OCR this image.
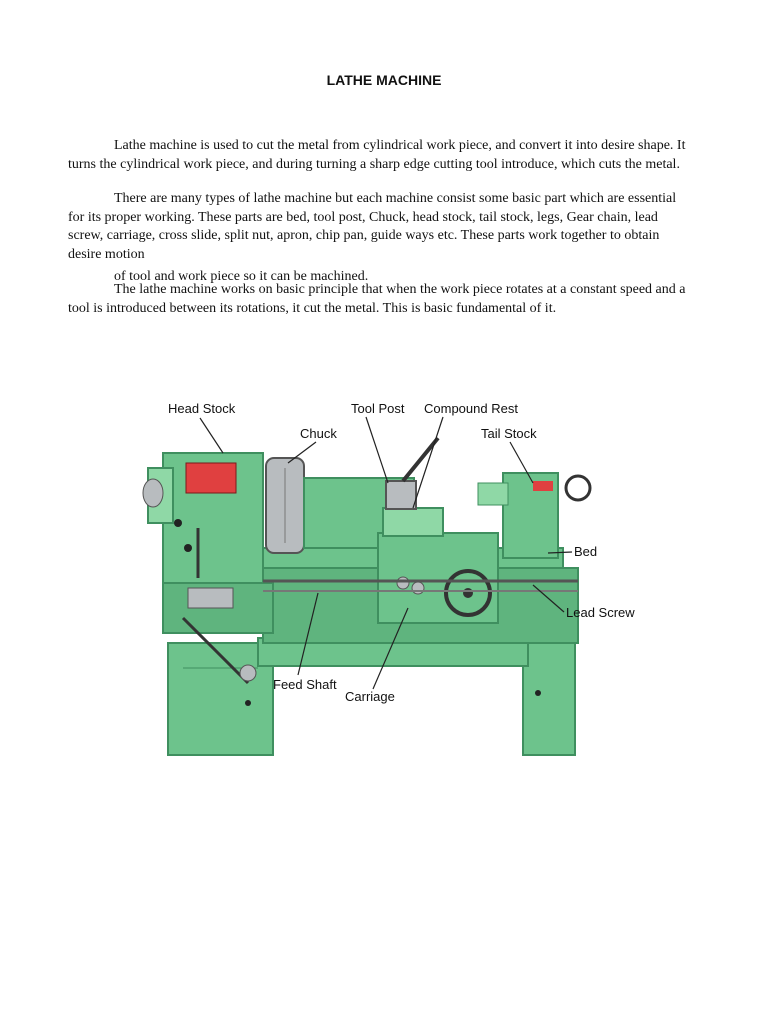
LATHE MACHINE

Lathe machine is used to cut the metal from cylindrical work piece, and convert it into desire shape. It turns the cylindrical work piece, and during turning a sharp edge cutting tool introduce, which cuts the metal.

There are many types of lathe machine but each machine consist some basic part which are essential for its proper working. These parts are bed, tool post, Chuck, head stock, tail stock, legs, Gear chain, lead screw, carriage, cross slide, split nut, apron, chip pan, guide ways etc. These parts work together to obtain desire motion
of tool and work piece so it can be machined.

The lathe machine works on basic principle that when the work piece rotates at a constant speed and a tool is introduced between its rotations, it cut the metal. This is basic fundamental of it.

Head Stock
Chuck
Tool Post Compound Rest
Tail Stock
Bed
Lead Screw
Feed Shaft
Carriage
